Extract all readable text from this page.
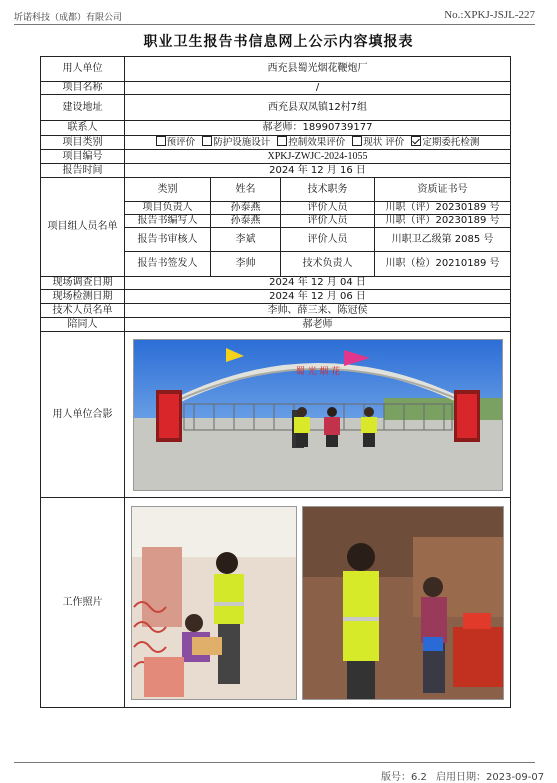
圻诺科技（成都）有限公司	No.:XPKJ-JSJL-227
职业卫生报告书信息网上公示内容填报表
用人单位	西充县蜀光烟花鞭炮厂			
项目名称	/			
建设地址	西充县双凤镇12村7组			
联系人	郝老师：18990739177			
项目类别	预评价 防护设施设计 控制效果评价 现状 评价 定期委托检测			
项目编号	XPKJ-ZWJC-2024-1055			
报告时间	2024 年 12 月 16 日			
项目组人员名单	类别	姓名	技术职务	资质证书号
	项目负责人	孙泰燕	评价人员	川职（评）20230189 号
	报告书编写人	孙泰燕	评价人员	川职（评）20230189 号
	报告书审核人	李斌	评价人员	川职卫乙级第 2085 号
	报告书签发人	李帅	技术负责人	川职（检）20210189 号
现场调查日期	2024 年 12 月 04 日			
现场检测日期	2024 年 12 月 06 日			
技术人员名单	李帅、薛三来、陈冠侯			
陪同人	郝老师			
用人单位合影	蜀 光 烟 花			

工作照片	
版号：6.2 启用日期：2023-09-07
